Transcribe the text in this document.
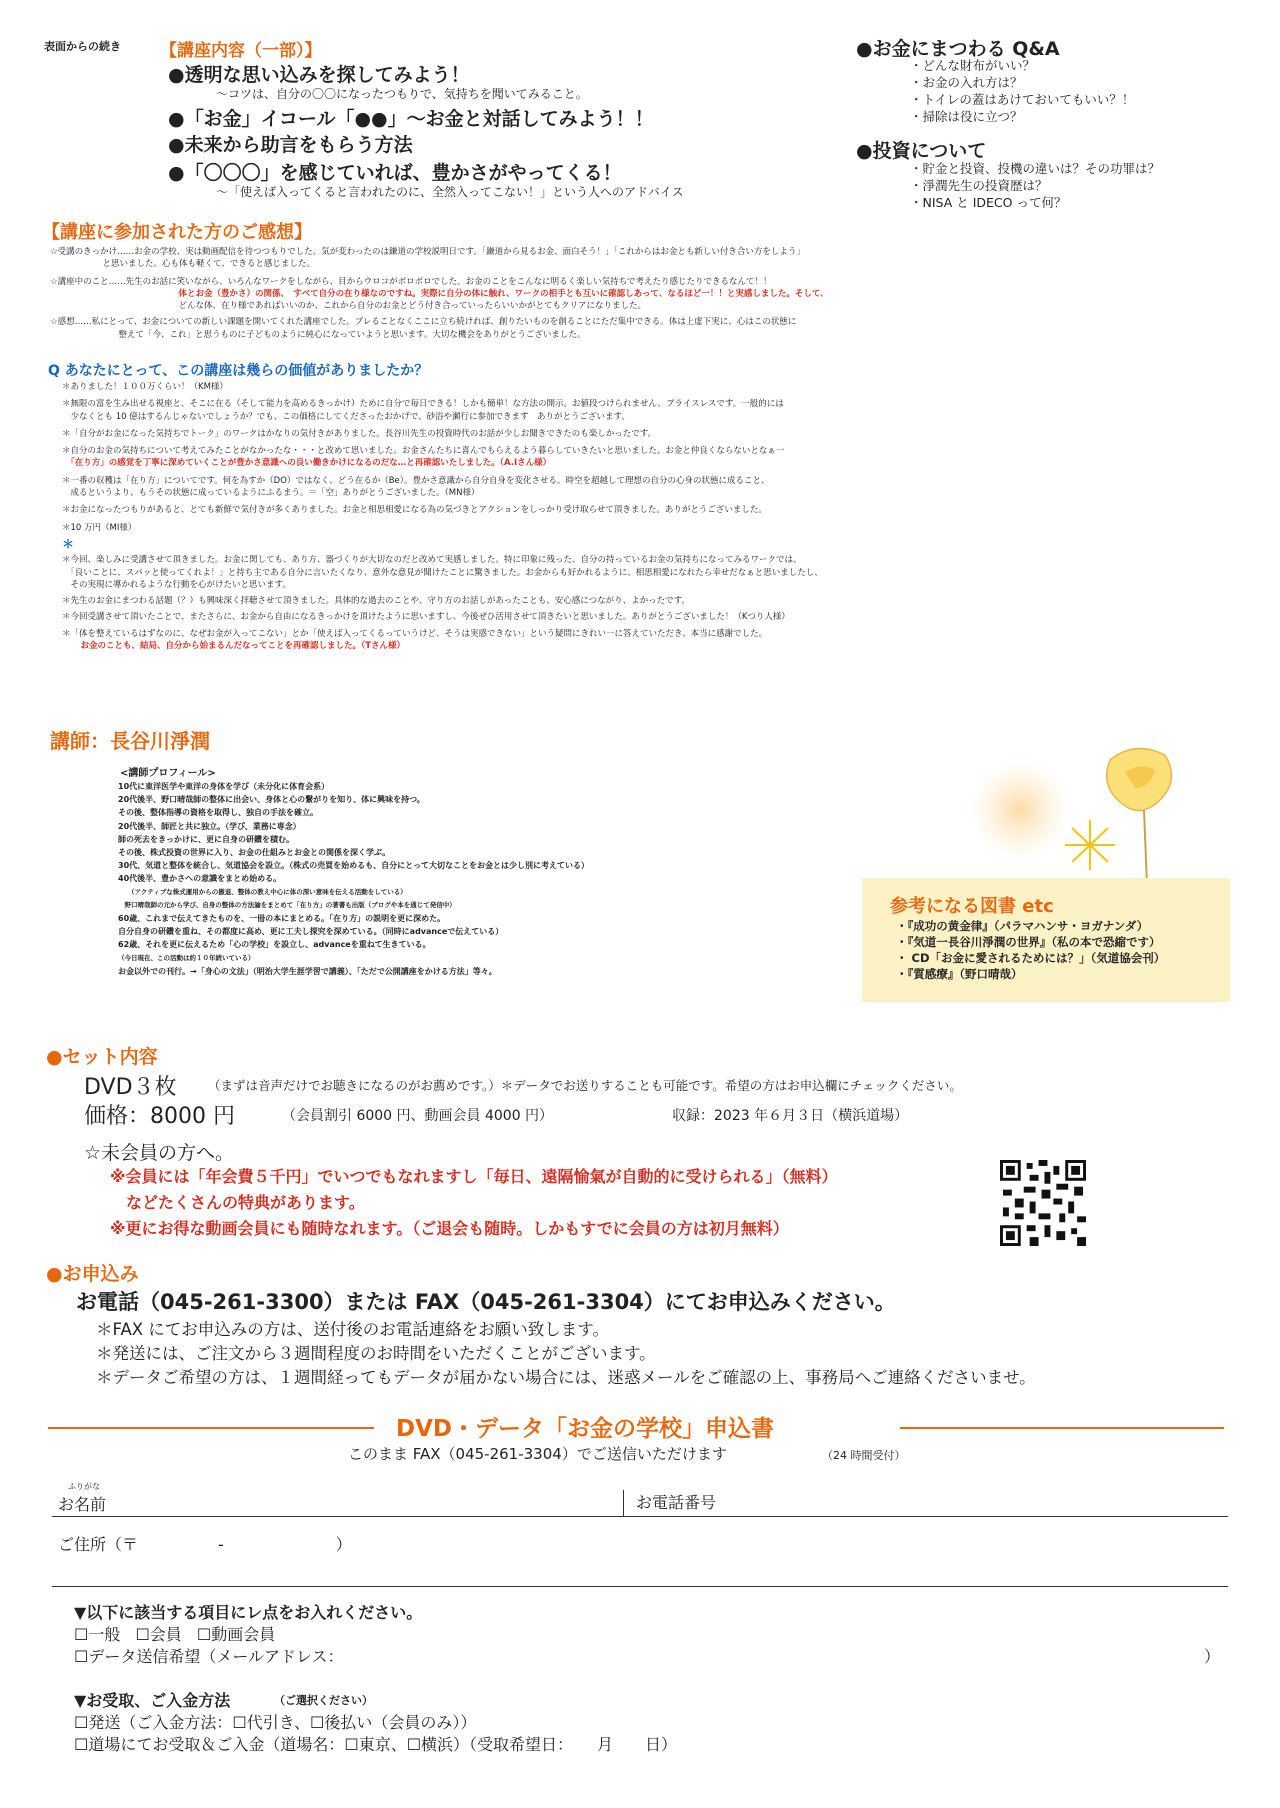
表面からの続き 【講座内容（一部）】
●透明な思い込みを探してみよう！
～コツは、自分の〇〇になったつもりで、気持ちを聞いてみること。
●「お金」イコール「●●」～お金と対話してみよう！！
●未来から助言をもらう方法
●「〇〇〇」を感じていれば、豊かさがやってくる！
～「使えば入ってくると言われたのに、全然入ってこない！」という人へのアドバイス
●お金にまつわる Q&A
・どんな財布がいい？
・お金の入れ方は？
・トイレの蓋はあけておいてもいい？！
・掃除は役に立つ？
●投資について
・貯金と投資、投機の違いは？その功罪は？
・淨潤先生の投資歴は？
・NISA と IDECO って何？
【講座に参加された方のご感想】
☆受講のきっかけ……お金の学校、実は動画配信を待つつもりでした。気が変わったのは鎌道の学校説明日です。「鎌道から見るお金、面白そう！」「これからはお金とも新しい付き合い方をしよう」
　と思いました。心も体も軽くて、できると感じました。
☆講座中のこと……先生のお話に笑いながら、いろんなワークをしながら、目からウロコがボロボロでした。お金のことをこんなに明るく楽しい気持ちで考えたり感じたりできるなんて！！
　体とお金（豊かさ）の関係、　すべて自分の在り様なのですね。実際に自分の体に触れ、ワークの相手とも互いに確認しあって、なるほど一！！と実感しました。そして、
　どんな体、在り様であればいいのか、これから自分のお金とどう付き合っていったらいいかがとてもクリアになりました。
☆感想……私にとって、お金についての新しい課題を開いてくれた講座でした。ブレることなくここに立ち続ければ、創りたいものを創ることにただ集中できる。体は上虚下実に、心はこの状態に
　整えて「今、これ」と思うものに子どものように純心になっていようと思います。大切な機会をありがとうございました。
Q あなたにとって、この講座は幾らの価値がありましたか？
＊ありました！１００万くらい！（KM様）
＊無限の富を生み出せる視座と、そこに在る（そして能力を高めるきっかけ）ために自分で毎日できる！しかも簡単！な方法の開示。お値段つけられません。プライスレスです。一般的には
　少なくとも 10 億はするんじゃないでしょうか？でも、この価格にしてくださったおかげで、砂浴や瀬行に参加できます　ありがとうございます。
＊「自分がお金になった気持ちでトーク」のワークはかなりの気付きがありました。長谷川先生の投資時代のお話が少しお聞きできたのも楽しかったです。
＊自分のお金の気持ちについて考えてみたことがなかったな・・・と改めて思いました。お金さんたちに喜んでもらえるよう暮らしていきたいと思いました。お金と仲良くならないとなぁ一
　「在り方」の感覚を丁寧に深めていくことが豊かさ意識への良い働きかけになるのだな…と再確認いたしました。（A.Iさん様）
＊一番の収穫は「在り方」についてです。何を為すか（DO）ではなく、どう在るか（Be）。豊かさ意識から自分自身を変化させる。時空を超越して理想の自分の心身の状態に成ること、
　成るというより、もうその状態に成っているようにふるまう。＝「空」ありがとうございました。（MN様）
＊お金になったつもりがあると、とても新鮮で気付きが多くありました。お金と相思相愛になる為の気づきとアクションをしっかり受け取らせて頂きました。ありがとうございました。
＊10 万円（MI様）
＊
＊今回、楽しみに受講させて頂きました。お金に関しても、あり方、器づくりが大切なのだと改めて実感しました。特に印象に残った、自分の持っているお金の気持ちになってみるワークでは、
　「良いことに、スパッと使ってくれよ！」と持ち主である自分に言いたくなり、意外な意見が聞けたことに驚きました。お金からも好かれるように、相思相愛になれたら幸せだなぁと思いましたし、
　その実現に導かれるような行動を心がけたいと思います。
＊先生のお金にまつわる話題（？）も興味深く拝聴させて頂きました。具体的な過去のことや、守り方のお話しがあったことも、安心感につながり、よかったです。
＊今回受講させて頂いたことで、またさらに、お金から自由になるきっかけを頂けたように思いますし、今後ぜひ活用させて頂きたいと思いました。ありがとうございました！（Kつり人様）
＊「体を整えているはずなのに、なぜお金が入ってこない」とか「使えば入ってくるっていうけど、そうは実感できない」という疑問にきれい一に答えていただき、本当に感謝でした。
　お金のことも、結局、自分から始まるんだなってことを再確認しました。（Tさん様）
講師：長谷川淨潤
<講師プロフィール>
10代に東洋医学や東洋の身体を学び（未分化に体育会系）
20代後半、野口晴哉師の整体に出会い、身体と心の繋がりを知り、体に興味を持つ。
その後、整体指導の資格を取得し、独自の手法を確立。
20代後半、師匠と共に独立。（学び、業務に専念）
師の死去をきっかけに、更に自身の研鑽を積む。
その後、株式投資の世界に入り、お金の仕組みとお金との関係を深く学ぶ。
30代、気道と整体を統合し、気道協会を設立。（株式の売買を始めるも、自分にとって大切なことをお金とは少し別に考えている）
40代後半、豊かさへの意識をまとめ始める。
（アクティブな株式運用からの撤退、整体の教え中心に体の深い意味を伝える活動をしている）
　野口晴哉師の元から学び、自身の整体の方法論をまとめて「在り方」の著書も出版（ブログや本を通じて発信中）
60歳、これまで伝えてきたものを、一冊の本にまとめる。「在り方」の説明を更に深めた。
自分自身の研鑽を重ね、その都度に高め、更に工夫し探究を深めている。（同時にadvanceで伝えている）
62歳、それを更に伝えるため「心の学校」を設立し、advanceを重ねて生きている。
（今日現在、この活動は約１０年続いている）
お金以外での刊行。→「身心の文法」（明治大学生涯学習で講義）、「ただで公開講座をかける方法」等々。
参考になる図書 etc
・『成功の黄金律』（パラマハンサ・ヨガナンダ）
・『気道一長谷川淨潤の世界』（私の本で恐縮です）
・ CD「お金に愛されるためには？」（気道協会刊）
・『質感療』（野口晴哉）
●セット内容
DVD３枚	（まずは音声だけでお聴きになるのがお薦めです。）＊データでお送りすることも可能です。希望の方はお申込欄にチェックください。
価格：8000 円	（会員割引 6000 円、動画会員 4000 円）	収録：2023 年６月３日（横浜道場）
☆未会員の方へ。
※会員には「年会費５千円」でいつでもなれますし「毎日、遠隔愉氣が自動的に受けられる」（無料）
　などたくさんの特典があります。
※更にお得な動画会員にも随時なれます。（ご退会も随時。しかもすでに会員の方は初月無料）
●お申込み
お電話（045-261-3300）または FAX（045-261-3304）にてお申込みください。
＊FAX にてお申込みの方は、送付後のお電話連絡をお願い致します。
＊発送には、ご注文から３週間程度のお時間をいただくことがございます。
＊データご希望の方は、１週間経ってもデータが届かない場合には、迷惑メールをご確認の上、事務局へご連絡くださいませ。
DVD・データ「お金の学校」申込書
このまま FAX（045-261-3304）でご送信いただけます	（24 時間受付）
ふりがな
お名前	お電話番号
ご住所（〒　　　　　-　　　　　　　）
▼以下に該当する項目にレ点をお入れください。
☐一般 ☐会員 ☐動画会員
☐データ送信希望（メールアドレス：	）
▼お受取、ご入金方法	（ご選択ください）
☐発送（ご入金方法：☐代引き、☐後払い（会員のみ））
☐道場にてお受取＆ご入金（道場名：☐東京、☐横浜）（受取希望日：　　月　　日）
